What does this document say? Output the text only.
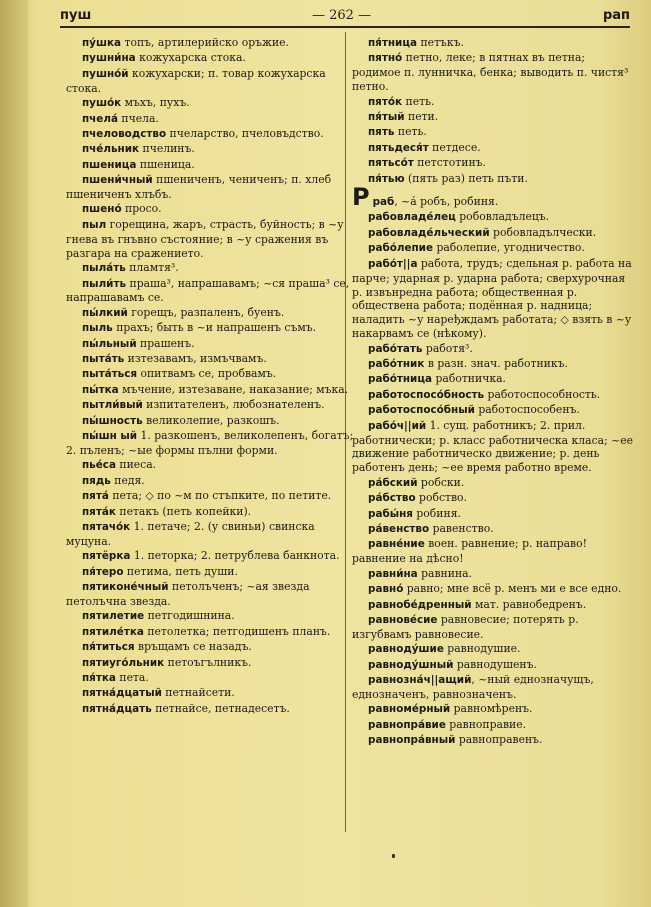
пуш	— 262 —	рап
пу́шка топъ, артилерийско оръжие.
пушни́на кожухарска стока.
пушно́й кожухарски; п. товар кожухарска стока.
пушо́к мъхъ, пухъ.
пчела́ пчела.
пчеловодство пчеларство, пчеловъдство.
пче́льник пчелинъ.
пшеница пшеница.
пшени́чный пшениченъ, чениченъ; п. хлеб пшениченъ хлъбъ.
пшено́ просо.
пыл горещина, жаръ, страсть, буйность; в ~у гнева въ гнъвно състояние; в ~у сражения въ разгара на сражението.
пыла́ть пламтя³.
пыли́ть праша³, напрашавамъ; ~ся праша³ се, напрашавамъ се.
пы́лкий горещъ, разпаленъ, буенъ.
пыль прахъ; быть в ~и напрашенъ съмъ.
пы́льный прашенъ.
пыта́ть изтезавамъ, измъчвамъ.
пыта́ться опитвамъ се, пробвамъ.
пы́тка мъчение, изтезаване, наказание; мъка.
пытли́вый изпитателенъ, любознателенъ.
пы́шность великолепие, разкошъ.
пы́шн ый 1. разкошенъ, великолепенъ, богатъ; 2. пъленъ; ~ые формы пълни форми.
пье́са пиеса.
пядь педя.
пята́ пета; ◇ по ~м по стъпките, по петите.
пята́к петакъ (петь копейки).
пятачо́к 1. петаче; 2. (у свиньи) свинска муцуна.
пятёрка 1. петорка; 2. петрублева банкнота.
пя́теро петима, петь души.
пятиконе́чный петолъченъ; ~ая звезда петолъчна звезда.
пятилетие петгодишнина.
пятиле́тка петолетка; петгодишенъ планъ.
пя́титься връщамъ се назадъ.
пятиуго́льник петоъгълникъ.
пя́тка пета.
пятна́дцатый петнайсети.
пятна́дцать петнайсе, петнадесетъ.
пя́тница петъкъ.
пятно́ петно, леке; в пятнах въ петна; родимое п. лунничка, бенка; выводить п. чистя³ петно.
пято́к петь.
пя́тый пети.
пять петь.
пятьдеся́т петдесе.
пятьсо́т петстотинъ.
пя́тью (пять раз) петь пъти.
Рраб, ~а́ робъ, робиня.
рабовладе́лец робовладълецъ.
рабовладе́льческий робовладълчески.
рабо́лепие раболепие, угодничество.
рабо́т||а работа, трудъ; сдельная р. работа на парче; ударная р. ударна работа; сверхурочная р. извънредна работа; общественная р. обществена работа; подённая р. надница; наладить ~у наређждамъ работата; ◇ взять в ~у накарвамъ се (нѣкому).
рабо́тать работя³.
рабо́тник в разн. знач. работникъ.
рабо́тница работничка.
работоспосо́бность работоспособность.
работоспосо́бный работоспособенъ.
рабо́ч||ий 1. сущ. работникъ; 2. прил. работнически; р. класс работническа класа; ~ее движение работническо движение; р. день работенъ день; ~ее время работно време.
ра́бский робски.
ра́бство робство.
рабы́ня робиня.
ра́венство равенство.
равне́ние воен. равнение; р. направо! равнение на дѣсно!
равни́на равнина.
равно́ равно; мне всё р. менъ ми е все едно.
равнобе́дренный мат. равнобедренъ.
равнове́сие равновесие; потерять р. изгубвамъ равновесие.
равноду́шие равнодушие.
равноду́шный равнодушенъ.
равнозна́ч||ащий, ~ный еднозначущъ, еднозначенъ, равнозначенъ.
равноме́рный равномѣренъ.
равнопра́вие равноправие.
равнопра́вный равноправенъ.
